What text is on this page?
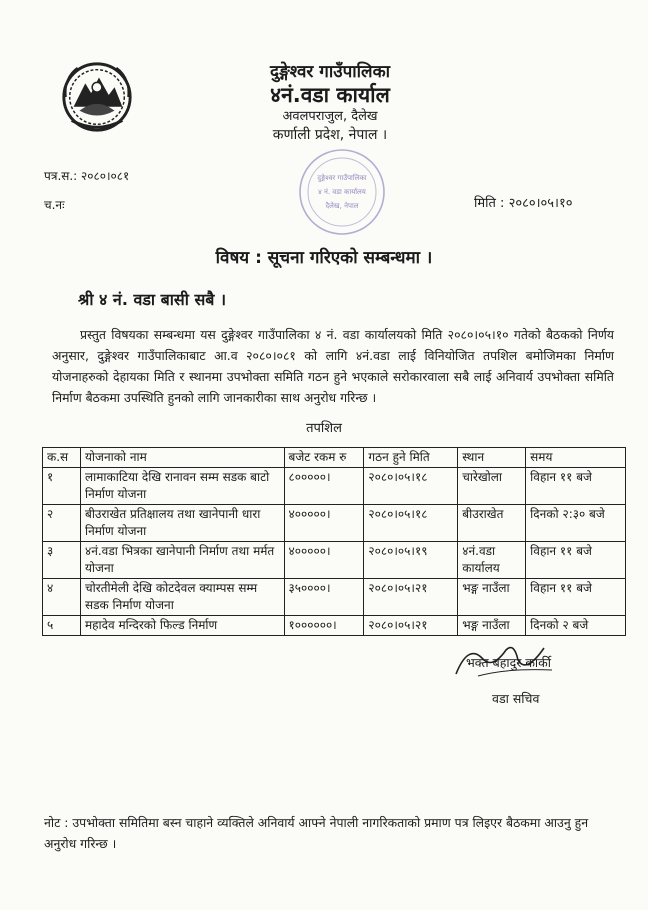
दुङ्गेश्वर गाउँपालिका
४नं.वडा कार्याल
अवलपराजुल, दैलेख
कर्णाली प्रदेश, नेपाल ।
पत्र.स.: २०८०।०८१
च.नः	मिति : २०८०।०५।१०
दुङ्गेश्वर गाउँपालिका
४ नं. वडा कार्यालय
दैलेख, नेपाल
विषय : सूचना गरिएको सम्बन्धमा ।
श्री ४ नं. वडा बासी सबै ।
प्रस्तुत विषयका सम्बन्धमा यस दुङ्गेश्वर गाउँपालिका ४ नं. वडा कार्यालयको मिति २०८०।०५।१० गतेको बैठकको निर्णय अनुसार, दुङ्गेश्वर गाउँपालिकाबाट आ.व २०८०।०८१ को लागि ४नं.वडा लाई विनियोजित तपशिल बमोजिमका निर्माण योजनाहरुको देहायका मिति र स्थानमा उपभोक्ता समिति गठन हुने भएकाले सरोकारवाला सबै लाई अनिवार्य उपभोक्ता समिति निर्माण बैठकमा उपस्थिति हुनको लागि जानकारीका साथ अनुरोध गरिन्छ ।
तपशिल
क.स	योजनाको नाम	बजेट रकम रु	गठन हुने मिति	स्थान	समय
१	लामाकाटिया देखि रानावन सम्म सडक बाटो निर्माण योजना	८०००००।	२०८०।०५।१८	चारेखोला	विहान ११ बजे
२	बीउराखेत प्रतिक्षालय तथा खानेपानी धारा निर्माण योजना	४०००००।	२०८०।०५।१८	बीउराखेत	दिनको २:३० बजे
३	४नं.वडा भित्रका खानेपानी निर्माण तथा मर्मत योजना	४०००००।	२०८०।०५।१९	४नं.वडा कार्यालय	विहान ११ बजे
४	चोरतीमेली देखि कोटदेवल क्याम्पस सम्म सडक निर्माण योजना	३५००००।	२०८०।०५।२१	भङ्ग नाउँला	विहान ११ बजे
५	महादेव मन्दिरको फिल्ड निर्माण	१००००००।	२०८०।०५।२१	भङ्ग नाउँला	दिनको २ बजे
भक्त बहादुर कार्की
वडा सचिव
नोट : उपभोक्ता समितिमा बस्न चाहाने व्यक्तिले अनिवार्य आफ्ने नेपाली नागरिकताको प्रमाण पत्र लिइएर बैठकमा आउनु हुन अनुरोध गरिन्छ ।
